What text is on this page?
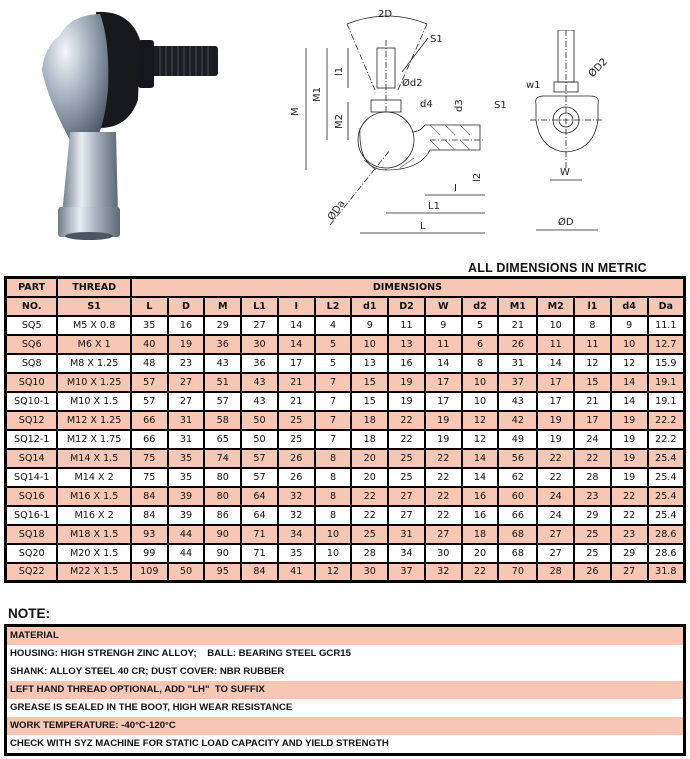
2D
S1
M
M1
l1
M2
Ød2
d4 d3	S1
l2
I
L1
L
ØDa
w1
ØD2
W
ØD
ALL DIMENSIONS IN METRIC
PART	THREAD	DIMENSIONS														
NO.	S1	L	D	M	L1	I	L2	d1	D2	W	d2	M1	M2	l1	d4	Da
SQ5	M5 X 0.8	35	16	29	27	14	4	9	11	9	5	21	10	8	9	11.1
SQ6	M6 X 1	40	19	36	30	14	5	10	13	11	6	26	11	11	10	12.7
SQ8	M8 X 1.25	48	23	43	36	17	5	13	16	14	8	31	14	12	12	15.9
SQ10	M10 X 1.25	57	27	51	43	21	7	15	19	17	10	37	17	15	14	19.1
SQ10-1	M10 X 1.5	57	27	57	43	21	7	15	19	17	10	43	17	21	14	19.1
SQ12	M12 X 1.25	66	31	58	50	25	7	18	22	19	12	42	19	17	19	22.2
SQ12-1	M12 X 1.75	66	31	65	50	25	7	18	22	19	12	49	19	24	19	22.2
SQ14	M14 X 1.5	75	35	74	57	26	8	20	25	22	14	56	22	22	19	25.4
SQ14-1	M14 X 2	75	35	80	57	26	8	20	25	22	14	62	22	28	19	25.4
SQ16	M16 X 1.5	84	39	80	64	32	8	22	27	22	16	60	24	23	22	25.4
SQ16-1	M16 X 2	84	39	86	64	32	8	22	27	22	16	66	24	29	22	25.4
SQ18	M18 X 1.5	93	44	90	71	34	10	25	31	27	18	68	27	25	23	28.6
SQ20	M20 X 1.5	99	44	90	71	35	10	28	34	30	20	68	27	25	29	28.6
SQ22	M22 X 1.5	109	50	95	84	41	12	30	37	32	22	70	28	26	27	31.8
NOTE:
MATERIAL
HOUSING: HIGH STRENGH ZINC ALLOY;    BALL: BEARING STEEL GCR15
SHANK: ALLOY STEEL 40 CR; DUST COVER: NBR RUBBER
LEFT HAND THREAD OPTIONAL, ADD "LH"  TO SUFFIX
GREASE IS SEALED IN THE BOOT, HIGH WEAR RESISTANCE
WORK TEMPERATURE: -40°C-120°C
CHECK WITH SYZ MACHINE FOR STATIC LOAD CAPACITY AND YIELD STRENGTH
